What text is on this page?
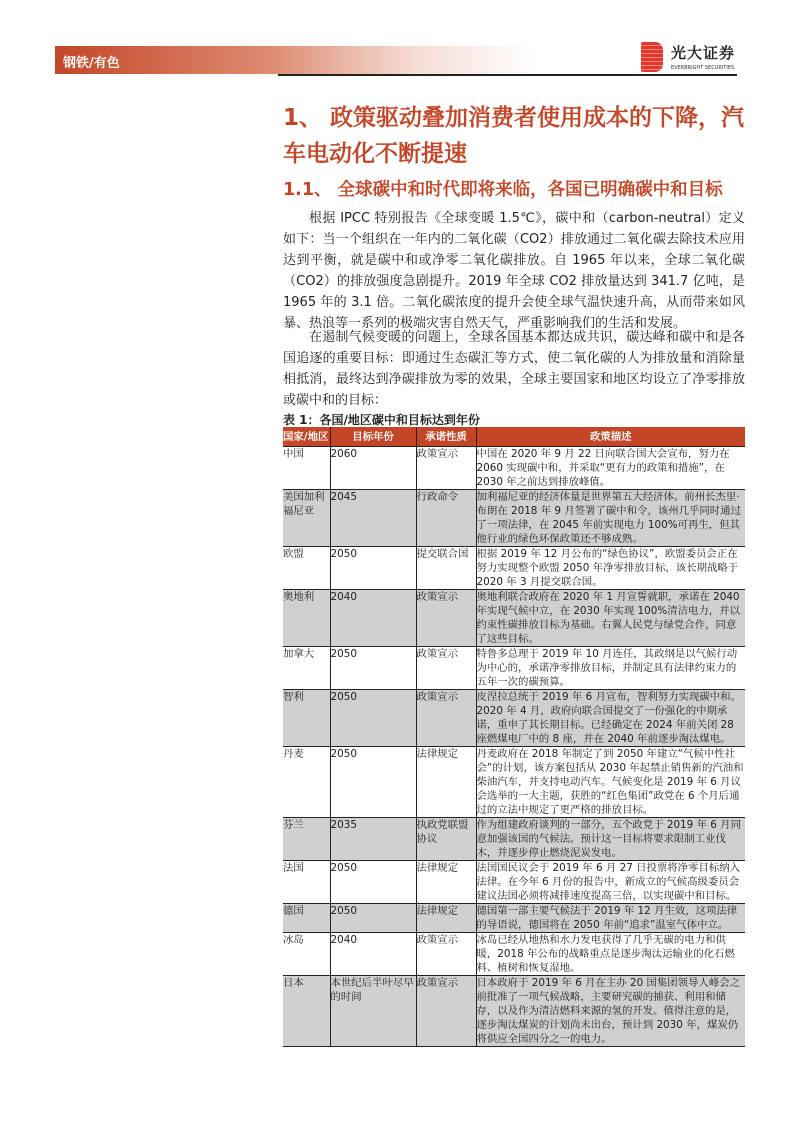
钢铁/有色
光大证券
EVERBRIGHT SECURITIES
1、 政策驱动叠加消费者使用成本的下降，汽车电动化不断提速
1.1、 全球碳中和时代即将来临，各国已明确碳中和目标

根据 IPCC 特别报告《全球变暖 1.5℃》，碳中和（carbon-neutral）定义如下：当一个组织在一年内的二氧化碳（CO2）排放通过二氧化碳去除技术应用达到平衡，就是碳中和或净零二氧化碳排放。自 1965 年以来，全球二氧化碳（CO2）的排放强度急剧提升。2019 年全球 CO2 排放量达到 341.7 亿吨，是 1965 年的 3.1 倍。二氧化碳浓度的提升会使全球气温快速升高，从而带来如风暴、热浪等一系列的极端灾害自然天气，严重影响我们的生活和发展。

在遏制气候变暖的问题上，全球各国基本都达成共识，碳达峰和碳中和是各国追逐的重要目标：即通过生态碳汇等方式，使二氧化碳的人为排放量和消除量相抵消，最终达到净碳排放为零的效果，全球主要国家和地区均设立了净零排放或碳中和的目标：

表 1：各国/地区碳中和目标达到年份
国家/地区	目标年份	承诺性质	政策描述
中国	2060	政策宣示	中国在 2020 年 9 月 22 日向联合国大会宣布，努力在 2060 实现碳中和，并采取“更有力的政策和措施”，在 2030 年之前达到排放峰值。
美国加利福尼亚	2045	行政命令	加利福尼亚的经济体量是世界第五大经济体。前州长杰里·布朗在 2018 年 9 月签署了碳中和令，该州几乎同时通过了一项法律，在 2045 年前实现电力 100%可再生，但其他行业的绿色环保政策还不够成熟。
欧盟	2050	提交联合国	根据 2019 年 12 月公布的“绿色协议”，欧盟委员会正在努力实现整个欧盟 2050 年净零排放目标，该长期战略于 2020 年 3 月提交联合国。
奥地利	2040	政策宣示	奥地利联合政府在 2020 年 1 月宣誓就职，承诺在 2040 年实现气候中立，在 2030 年实现 100%清洁电力，并以约束性碳排放目标为基础。右翼人民党与绿党合作，同意了这些目标。
加拿大	2050	政策宣示	特鲁多总理于 2019 年 10 月连任，其政纲是以气候行动为中心的，承诺净零排放目标，并制定具有法律约束力的五年一次的碳预算。
智利	2050	政策宣示	皮涅拉总统于 2019 年 6 月宣布，智利努力实现碳中和。2020 年 4 月，政府向联合国提交了一份强化的中期承诺，重申了其长期目标。已经确定在 2024 年前关闭 28 座燃煤电厂中的 8 座，并在 2040 年前逐步淘汰煤电。
丹麦	2050	法律规定	丹麦政府在 2018 年制定了到 2050 年建立“气候中性社会”的计划，该方案包括从 2030 年起禁止销售新的汽油和柴油汽车，并支持电动汽车。气候变化是 2019 年 6 月议会选举的一大主题，获胜的“红色集团”政党在 6 个月后通过的立法中规定了更严格的排放目标。
芬兰	2035	执政党联盟协议	作为组建政府谈判的一部分，五个政党于 2019 年 6 月同意加强该国的气候法。预计这一目标将要求限制工业伐木，并逐步停止燃烧泥炭发电。
法国	2050	法律规定	法国国民议会于 2019 年 6 月 27 日投票将净零目标纳入法律。在今年 6 月份的报告中，新成立的气候高级委员会建议法国必须将减排速度提高三倍，以实现碳中和目标。
德国	2050	法律规定	德国第一部主要气候法于 2019 年 12 月生效，这项法律的导语说，德国将在 2050 年前“追求”温室气体中立。
冰岛	2040	政策宣示	冰岛已经从地热和水力发电获得了几乎无碳的电力和供暖，2018 年公布的战略重点是逐步淘汰运输业的化石燃料、植树和恢复湿地。
日本	本世纪后半叶尽早的时间	政策宣示	日本政府于 2019 年 6 月在主办 20 国集团领导人峰会之前批准了一项气候战略，主要研究碳的捕获、利用和储存，以及作为清洁燃料来源的氢的开发。值得注意的是，逐步淘汰煤炭的计划尚未出台，预计到 2030 年，煤炭仍将供应全国四分之一的电力。
